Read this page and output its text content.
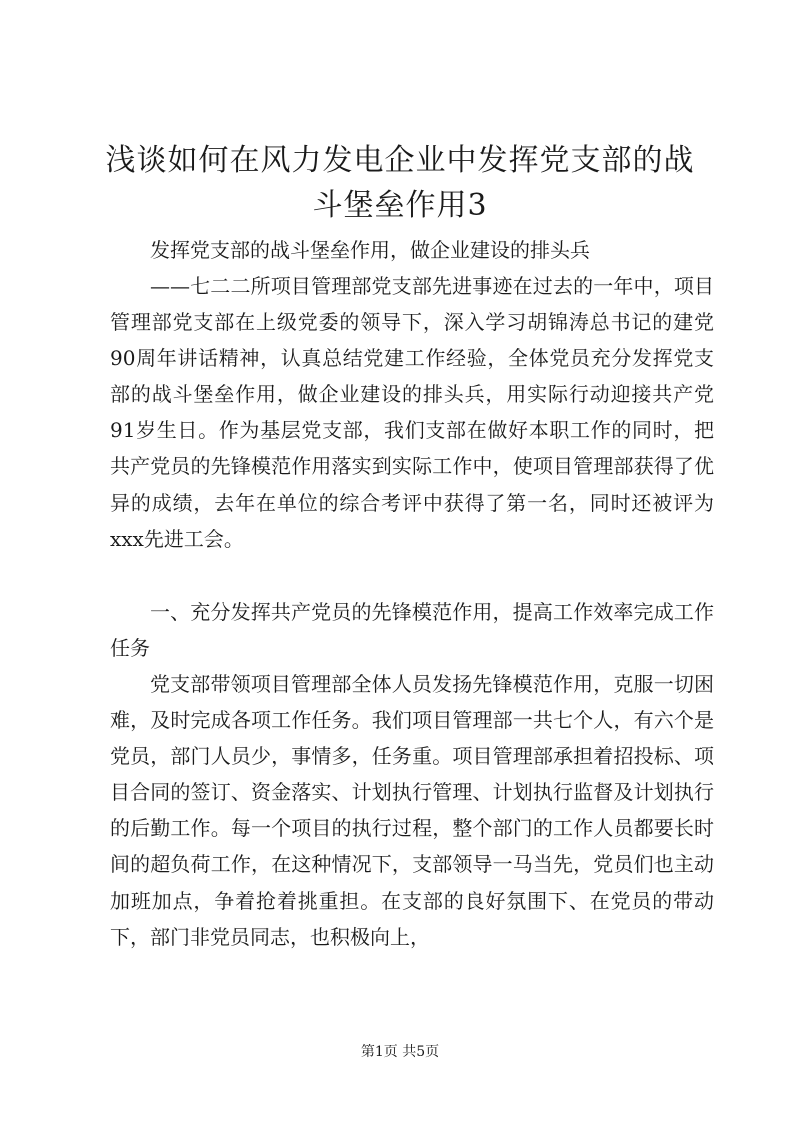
浅谈如何在风力发电企业中发挥党支部的战斗堡垒作用3

发挥党支部的战斗堡垒作用，做企业建设的排头兵

——七二二所项目管理部党支部先进事迹在过去的一年中，项目管理部党支部在上级党委的领导下，深入学习胡锦涛总书记的建党90周年讲话精神，认真总结党建工作经验，全体党员充分发挥党支部的战斗堡垒作用，做企业建设的排头兵，用实际行动迎接共产党91岁生日。作为基层党支部，我们支部在做好本职工作的同时，把共产党员的先锋模范作用落实到实际工作中，使项目管理部获得了优异的成绩，去年在单位的综合考评中获得了第一名，同时还被评为xxx先进工会。

一、充分发挥共产党员的先锋模范作用，提高工作效率完成工作任务

党支部带领项目管理部全体人员发扬先锋模范作用，克服一切困难，及时完成各项工作任务。我们项目管理部一共七个人，有六个是党员，部门人员少，事情多，任务重。项目管理部承担着招投标、项目合同的签订、资金落实、计划执行管理、计划执行监督及计划执行的后勤工作。每一个项目的执行过程，整个部门的工作人员都要长时间的超负荷工作，在这种情况下，支部领导一马当先，党员们也主动加班加点，争着抢着挑重担。在支部的良好氛围下、在党员的带动下，部门非党员同志，也积极向上，

第1页 共5页
